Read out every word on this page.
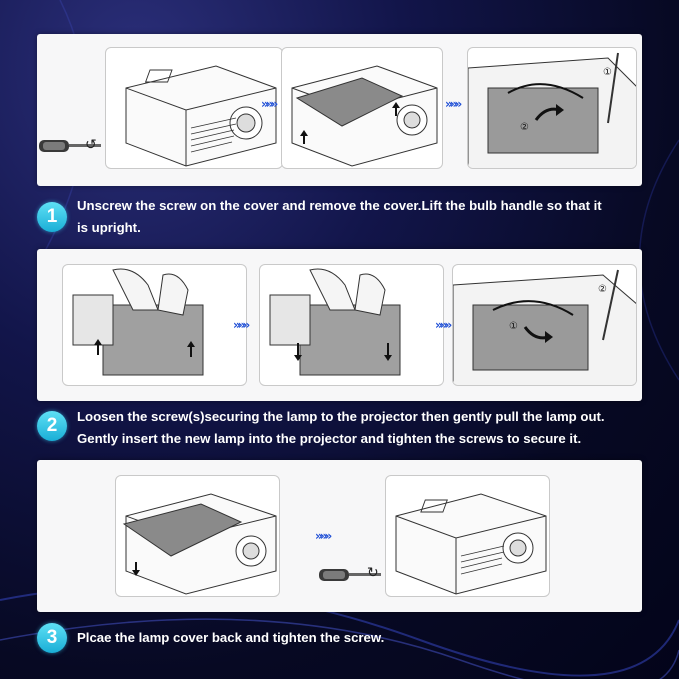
↺
»»»	»»»
②
①
1
Unscrew the screw on the cover and remove the cover.Lift the bulb handle so that it
is upright.
»»»	»»»	①
②
2	Loosen the screw(s)securing the lamp to the projector then gently pull the lamp out.
Gently insert the new lamp into the projector and tighten the screws to secure it.
»»»
↻
3	Plcae the lamp cover back and tighten the screw.
